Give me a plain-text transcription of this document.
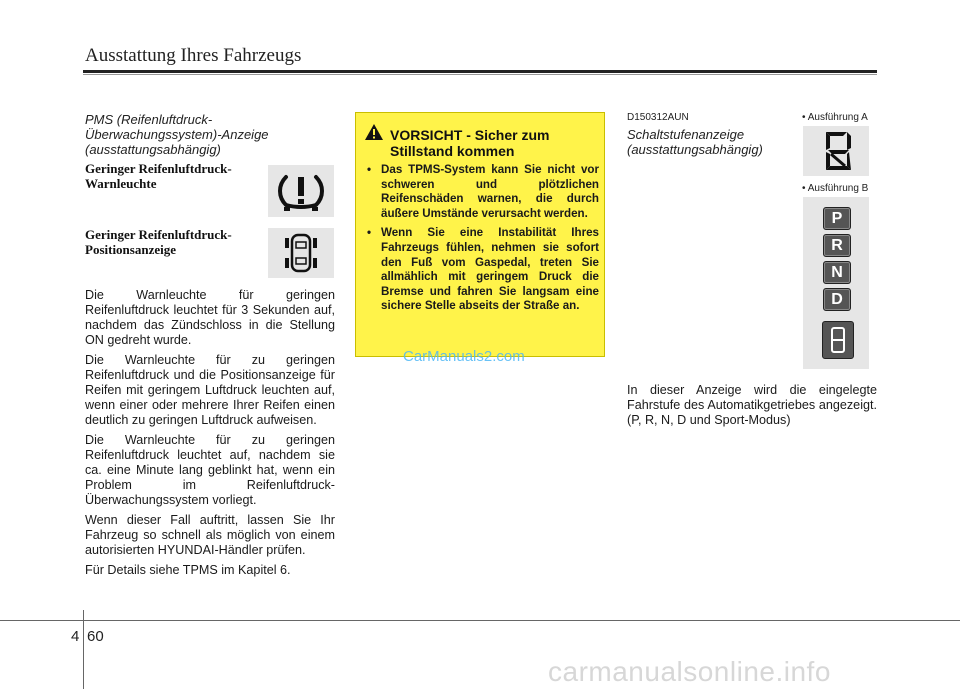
Ausstattung Ihres Fahrzeugs
PMS (Reifenluftdruck-
Überwachungssystem)-Anzeige
(ausstattungsabhängig)
Geringer Reifenluftdruck-
Warnleuchte
Geringer Reifenluftdruck-
Positionsanzeige

Die Warnleuchte für geringen Reifenluftdruck leuchtet für 3 Sekunden auf, nachdem das Zündschloss in die Stellung ON gedreht wurde.

Die Warnleuchte für zu geringen Reifenluftdruck und die Positionsanzeige für Reifen mit geringem Luftdruck leuchten auf, wenn einer oder mehrere Ihrer Reifen einen deutlich zu geringen Luftdruck aufweisen.

Die Warnleuchte für zu geringen Reifenluftdruck leuchtet auf, nachdem sie ca. eine Minute lang geblinkt hat, wenn ein Problem im Reifenluftdruck-Überwachungssystem vorliegt.

Wenn dieser Fall auftritt, lassen Sie Ihr Fahrzeug so schnell als möglich von einem autorisierten HYUNDAI-Händler prüfen.

Für Details siehe TPMS im Kapitel 6.

VORSICHT - Sicher zum
Stillstand kommen
• Das TPMS-System kann Sie nicht vor schweren und plötzlichen Reifenschäden warnen, die durch äußere Umstände verursacht werden.
• Wenn Sie eine Instabilität Ihres Fahrzeugs fühlen, nehmen sie sofort den Fuß vom Gaspedal, treten Sie allmählich mit geringem Druck die Bremse und fahren Sie langsam eine sichere Stelle abseits der Straße an.
CarManuals2.com
D150312AUN
Schaltstufenanzeige
(ausstattungsabhängig)
• Ausführung A
• Ausführung B
P
R
N
D

In dieser Anzeige wird die eingelegte Fahrstufe des Automatikgetriebes angezeigt. (P, R, N, D und Sport-Modus)

4 60
carmanualsonline.info
